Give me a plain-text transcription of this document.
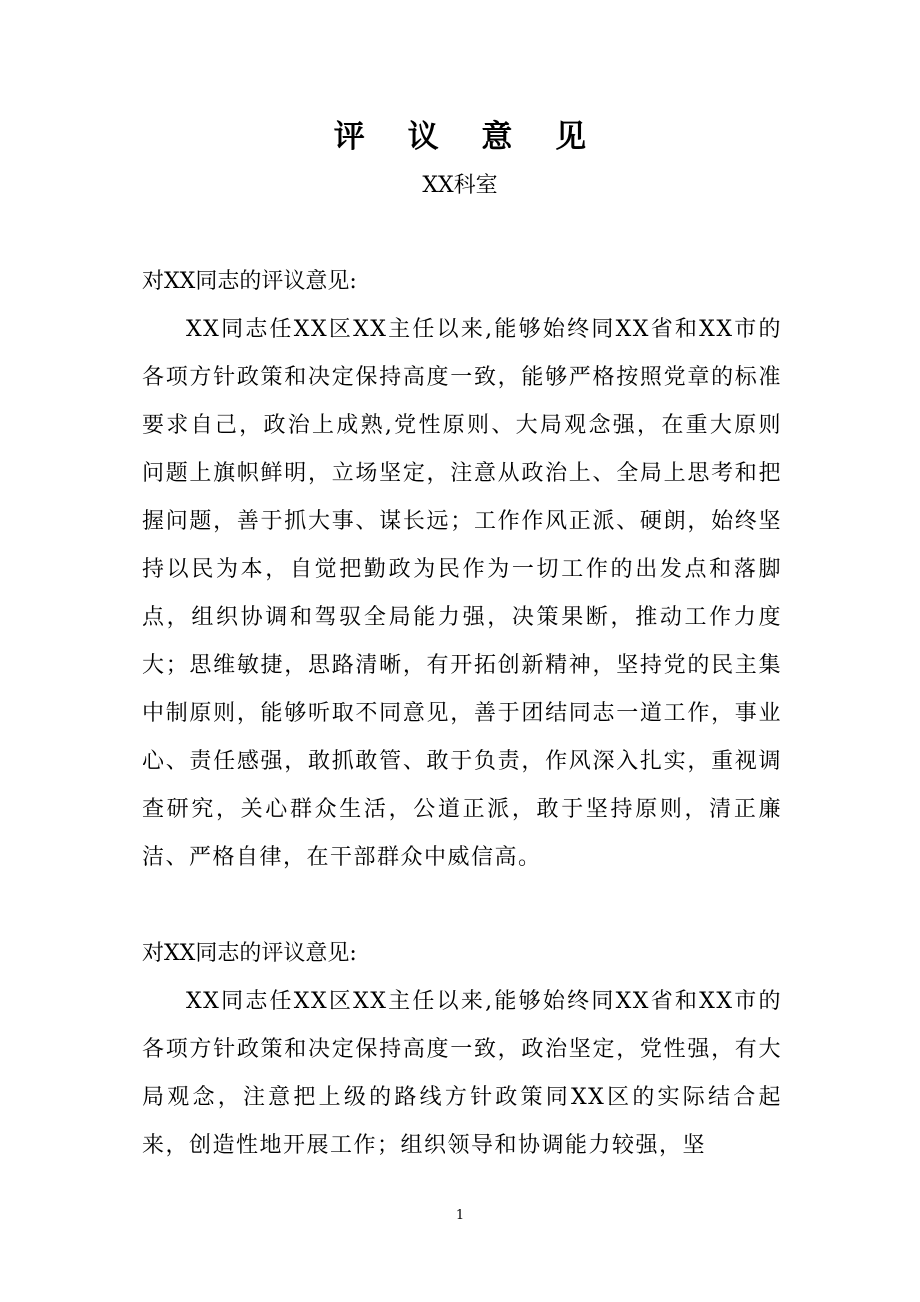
评 议 意 见
XX科室
对XX同志的评议意见:
XX同志任XX区XX主任以来,能够始终同XX省和XX市的各项方针政策和决定保持高度一致，能够严格按照党章的标准要求自己，政治上成熟,党性原则、大局观念强，在重大原则问题上旗帜鲜明，立场坚定，注意从政治上、全局上思考和把握问题，善于抓大事、谋长远；工作作风正派、硬朗，始终坚持以民为本，自觉把勤政为民作为一切工作的出发点和落脚点，组织协调和驾驭全局能力强，决策果断，推动工作力度大；思维敏捷，思路清晰，有开拓创新精神，坚持党的民主集中制原则，能够听取不同意见，善于团结同志一道工作，事业心、责任感强，敢抓敢管、敢于负责，作风深入扎实，重视调查研究，关心群众生活，公道正派，敢于坚持原则，清正廉洁、严格自律，在干部群众中威信高。
对XX同志的评议意见:
XX同志任XX区XX主任以来,能够始终同XX省和XX市的各项方针政策和决定保持高度一致，政治坚定，党性强，有大局观念，注意把上级的路线方针政策同XX区的实际结合起来，创造性地开展工作；组织领导和协调能力较强，坚
1
